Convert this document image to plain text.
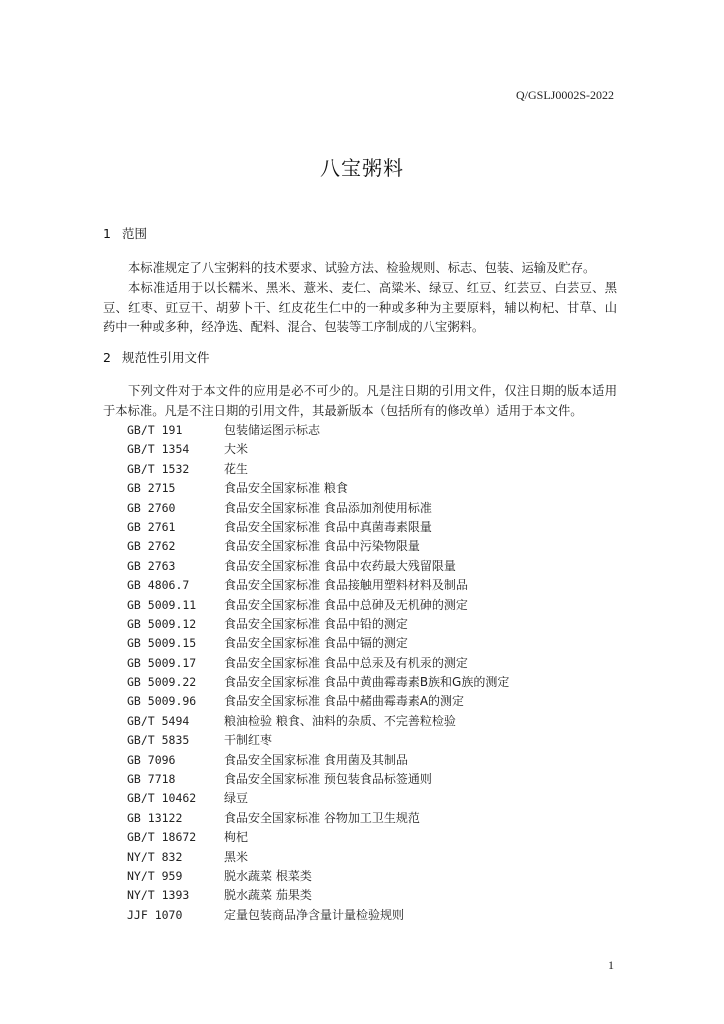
Q/GSLJ0002S-2022
八宝粥料
1 范围

本标准规定了八宝粥料的技术要求、试验方法、检验规则、标志、包装、运输及贮存。

本标准适用于以长糯米、黑米、薏米、麦仁、高粱米、绿豆、红豆、红芸豆、白芸豆、黑豆、红枣、豇豆干、胡萝卜干、红皮花生仁中的一种或多种为主要原料，辅以枸杞、甘草、山药中一种或多种，经净选、配料、混合、包装等工序制成的八宝粥料。

2 规范性引用文件

下列文件对于本文件的应用是必不可少的。凡是注日期的引用文件，仅注日期的版本适用于本标准。凡是不注日期的引用文件，其最新版本（包括所有的修改单）适用于本文件。

GB/T 191	包装储运图示标志
GB/T 1354	大米
GB/T 1532	花生
GB 2715	食品安全国家标准 粮食
GB 2760	食品安全国家标准 食品添加剂使用标准
GB 2761	食品安全国家标准 食品中真菌毒素限量
GB 2762	食品安全国家标准 食品中污染物限量
GB 2763	食品安全国家标准 食品中农药最大残留限量
GB 4806.7	食品安全国家标准 食品接触用塑料材料及制品
GB 5009.11 食品安全国家标准 食品中总砷及无机砷的测定
GB 5009.12 食品安全国家标准 食品中铅的测定
GB 5009.15 食品安全国家标准 食品中镉的测定
GB 5009.17 食品安全国家标准 食品中总汞及有机汞的测定
GB 5009.22 食品安全国家标准 食品中黄曲霉毒素B族和G族的测定
GB 5009.96 食品安全国家标准 食品中赭曲霉毒素A的测定
GB/T 5494	粮油检验 粮食、油料的杂质、不完善粒检验
GB/T 5835	干制红枣
GB 7096	食品安全国家标准 食用菌及其制品
GB 7718	食品安全国家标准 预包装食品标签通则
GB/T 10462 绿豆
GB 13122	食品安全国家标准 谷物加工卫生规范
GB/T 18672 枸杞
NY/T 832	黑米
NY/T 959	脱水蔬菜 根菜类
NY/T 1393	脱水蔬菜 茄果类
JJF 1070	定量包装商品净含量计量检验规则
1
